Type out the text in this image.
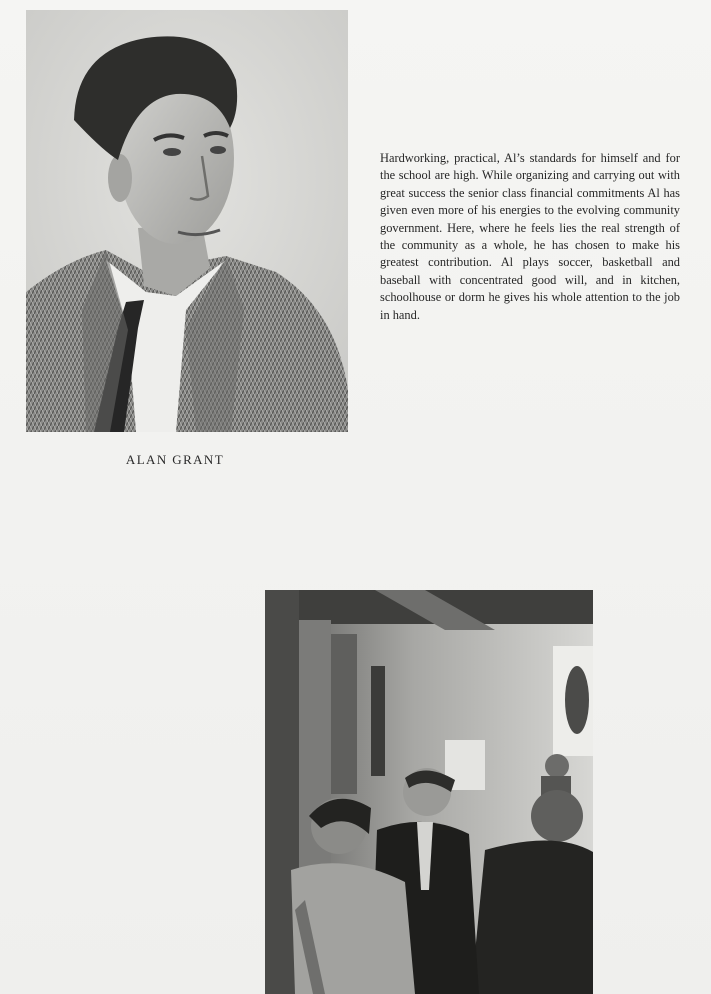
ALAN GRANT

Hardworking, practical, Al’s standards for himself and for the school are high. While organizing and carrying out with great success the senior class financial commitments Al has given even more of his energies to the evolving community government. Here, where he feels lies the real strength of the community as a whole, he has chosen to make his greatest contribution. Al plays soccer, basketball and baseball with concentrated good will, and in kitchen, schoolhouse or dorm he gives his whole attention to the job in hand.
